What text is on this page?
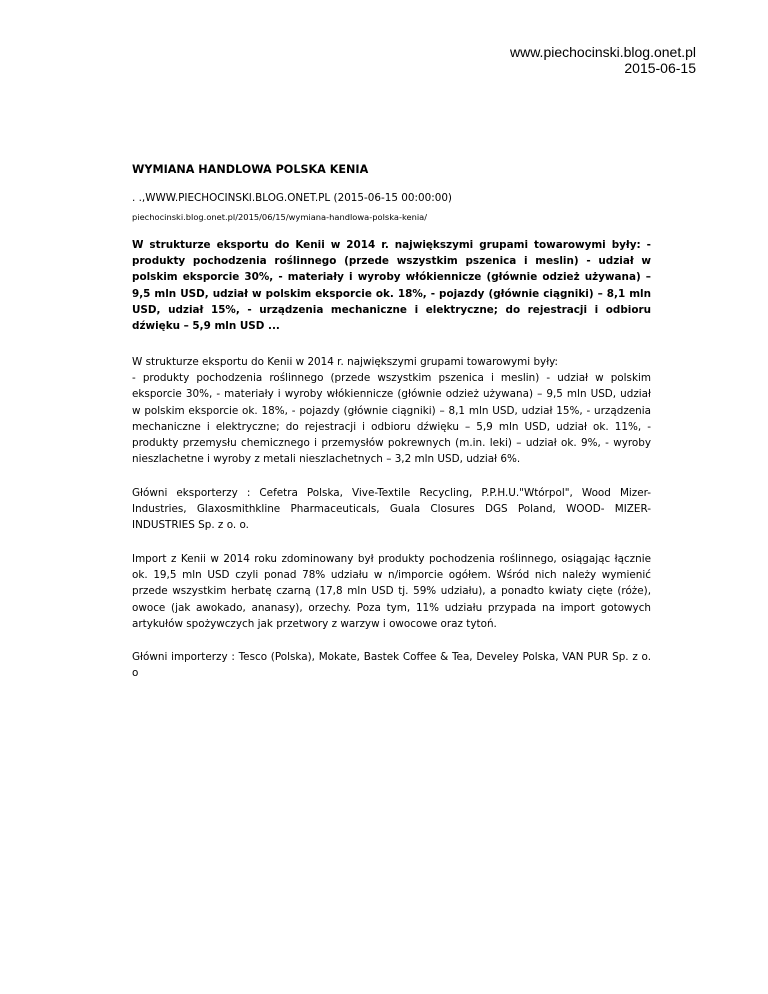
www.piechocinski.blog.onet.pl
2015-06-15
WYMIANA HANDLOWA POLSKA KENIA
. .,WWW.PIECHOCINSKI.BLOG.ONET.PL (2015-06-15 00:00:00)
piechocinski.blog.onet.pl/2015/06/15/wymiana-handlowa-polska-kenia/
W strukturze eksportu do Kenii w 2014 r. największymi grupami towarowymi były: - produkty pochodzenia roślinnego (przede wszystkim pszenica i meslin) - udział w polskim eksporcie 30%, - materiały i wyroby włókiennicze (głównie odzież używana) – 9,5 mln USD, udział w polskim eksporcie ok. 18%, - pojazdy (głównie ciągniki) – 8,1 mln USD, udział 15%, - urządzenia mechaniczne i elektryczne; do rejestracji i odbioru dźwięku – 5,9 mln USD ...

W strukturze eksportu do Kenii w 2014 r. największymi grupami towarowymi były:
- produkty pochodzenia roślinnego (przede wszystkim pszenica i meslin) - udział w polskim eksporcie 30%, - materiały i wyroby włókiennicze (głównie odzież używana) – 9,5 mln USD, udział w polskim eksporcie ok. 18%, - pojazdy (głównie ciągniki) – 8,1 mln USD, udział 15%, - urządzenia mechaniczne i elektryczne; do rejestracji i odbioru dźwięku – 5,9 mln USD, udział ok. 11%, - produkty przemysłu chemicznego i przemysłów pokrewnych (m.in. leki) – udział ok. 9%, - wyroby nieszlachetne i wyroby z metali nieszlachetnych – 3,2 mln USD, udział 6%.

Główni eksporterzy : Cefetra Polska, Vive-Textile Recycling, P.P.H.U."Wtórpol", Wood Mizer-Industries, Glaxosmithkline Pharmaceuticals, Guala Closures DGS Poland, WOOD- MIZER-INDUSTRIES Sp. z o. o.

Import z Kenii w 2014 roku zdominowany był produkty pochodzenia roślinnego, osiągając łącznie ok. 19,5 mln USD czyli ponad 78% udziału w n/imporcie ogółem. Wśród nich należy wymienić przede wszystkim herbatę czarną (17,8 mln USD tj. 59% udziału), a ponadto kwiaty cięte (róże), owoce (jak awokado, ananasy), orzechy. Poza tym, 11% udziału przypada na import gotowych artykułów spożywczych jak przetwory z warzyw i owocowe oraz tytoń.

Główni importerzy : Tesco (Polska), Mokate, Bastek Coffee & Tea, Develey Polska, VAN PUR Sp. z o. o
